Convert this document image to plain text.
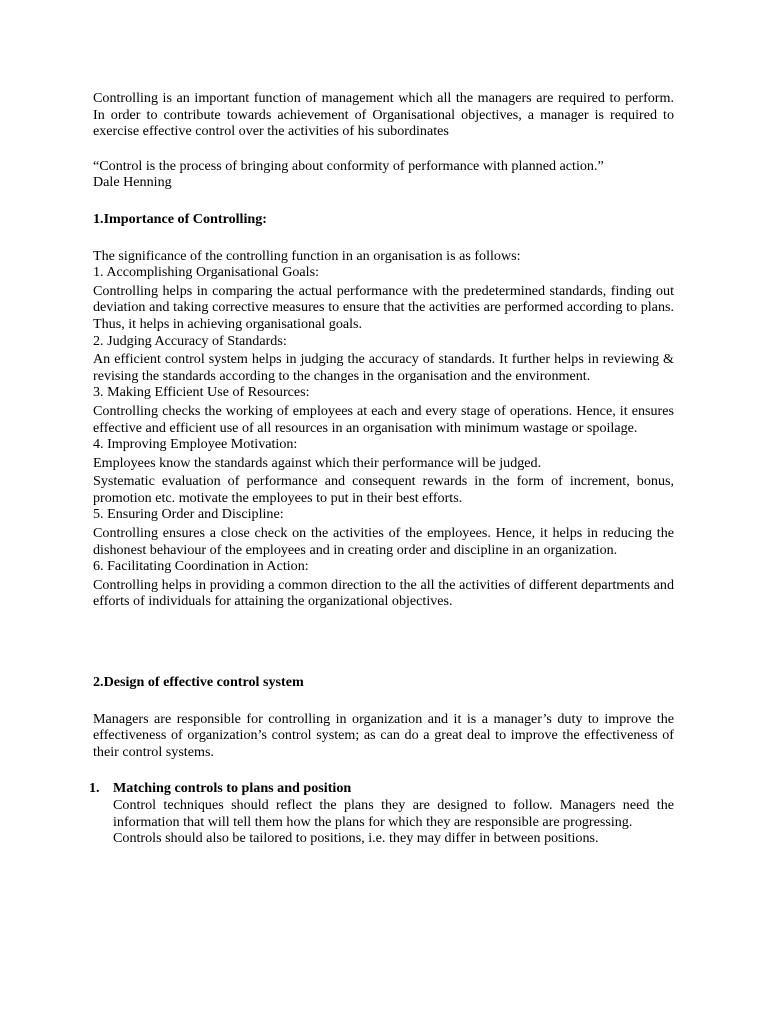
Controlling is an important function of management which all the managers are required to perform. In order to contribute towards achievement of Organisational objectives, a manager is required to exercise effective control over the activities of his subordinates

“Control is the process of bringing about conformity of performance with planned action.”

Dale Henning

1.Importance of Controlling:

The significance of the controlling function in an organisation is as follows:

1. Accomplishing Organisational Goals:

Controlling helps in comparing the actual performance with the predetermined standards, finding out deviation and taking corrective measures to ensure that the activities are performed according to plans. Thus, it helps in achieving organisational goals.

2. Judging Accuracy of Standards:

An efficient control system helps in judging the accuracy of standards. It further helps in reviewing & revising the standards according to the changes in the organisation and the environment.

3. Making Efficient Use of Resources:

Controlling checks the working of employees at each and every stage of operations. Hence, it ensures effective and efficient use of all resources in an organisation with minimum wastage or spoilage.

4. Improving Employee Motivation:

Employees know the standards against which their performance will be judged.

Systematic evaluation of performance and consequent rewards in the form of increment, bonus, promotion etc. motivate the employees to put in their best efforts.

5. Ensuring Order and Discipline:

Controlling ensures a close check on the activities of the employees. Hence, it helps in reducing the dishonest behaviour of the employees and in creating order and discipline in an organization.

6. Facilitating Coordination in Action:

Controlling helps in providing a common direction to the all the activities of different departments and efforts of individuals for attaining the organizational objectives.

2.Design of effective control system

Managers are responsible for controlling in organization and it is a manager’s duty to improve the effectiveness of organization’s control system; as can do a great deal to improve the effectiveness of their control systems.

1. Matching controls to plans and position

Control techniques should reflect the plans they are designed to follow. Managers need the information that will tell them how the plans for which they are responsible are progressing.

Controls should also be tailored to positions, i.e. they may differ in between positions.
